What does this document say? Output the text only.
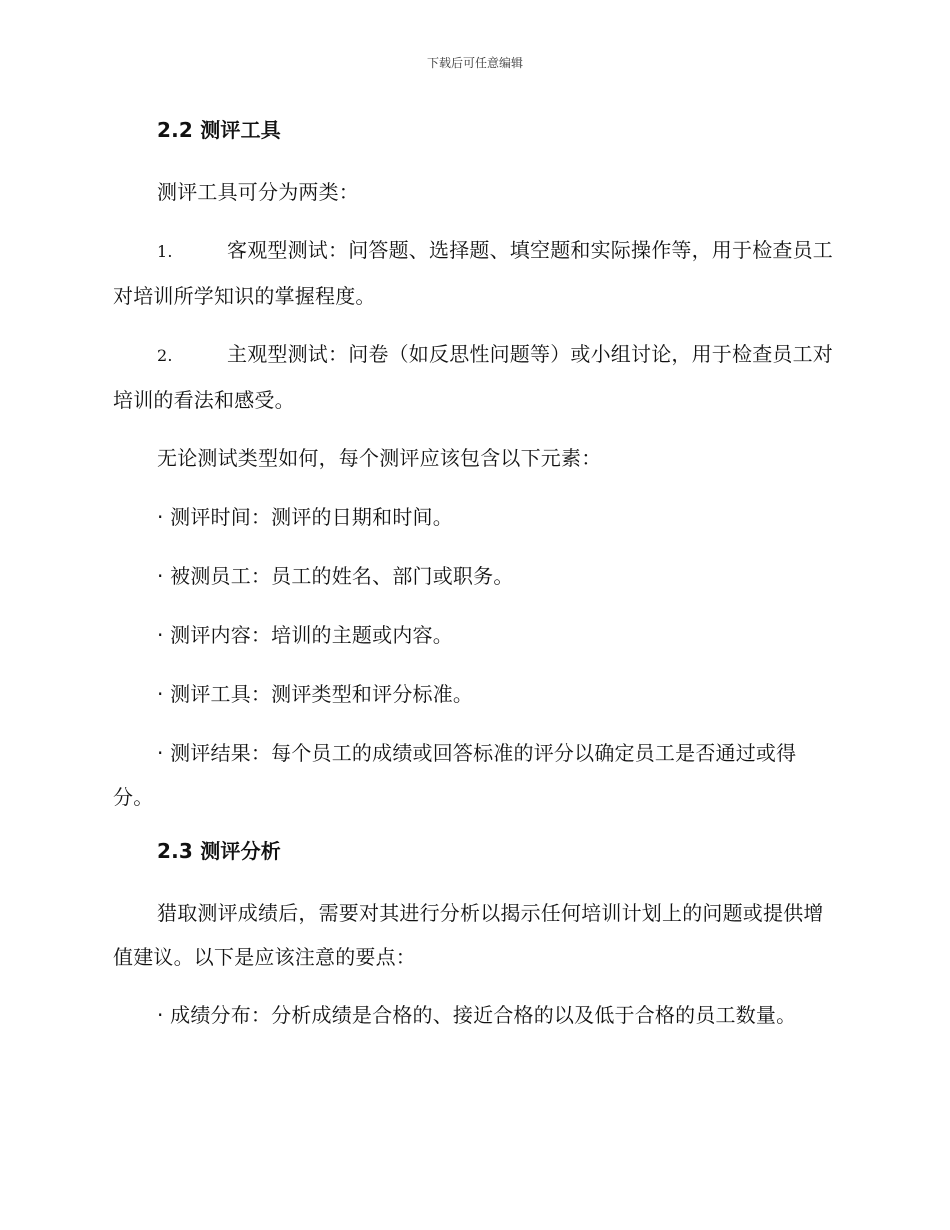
下载后可任意编辑
2.2 测评工具

测评工具可分为两类：

1.	客观型测试：问答题、选择题、填空题和实际操作等，用于检查员工对培训所学知识的掌握程度。

2.	主观型测试：问卷（如反思性问题等）或小组讨论，用于检查员工对培训的看法和感受。

无论测试类型如何，每个测评应该包含以下元素：

· 测评时间：测评的日期和时间。

· 被测员工：员工的姓名、部门或职务。

· 测评内容：培训的主题或内容。

· 测评工具：测评类型和评分标准。

· 测评结果：每个员工的成绩或回答标准的评分以确定员工是否通过或得分。

2.3 测评分析

猎取测评成绩后，需要对其进行分析以揭示任何培训计划上的问题或提供增值建议。以下是应该注意的要点：

· 成绩分布：分析成绩是合格的、接近合格的以及低于合格的员工数量。
